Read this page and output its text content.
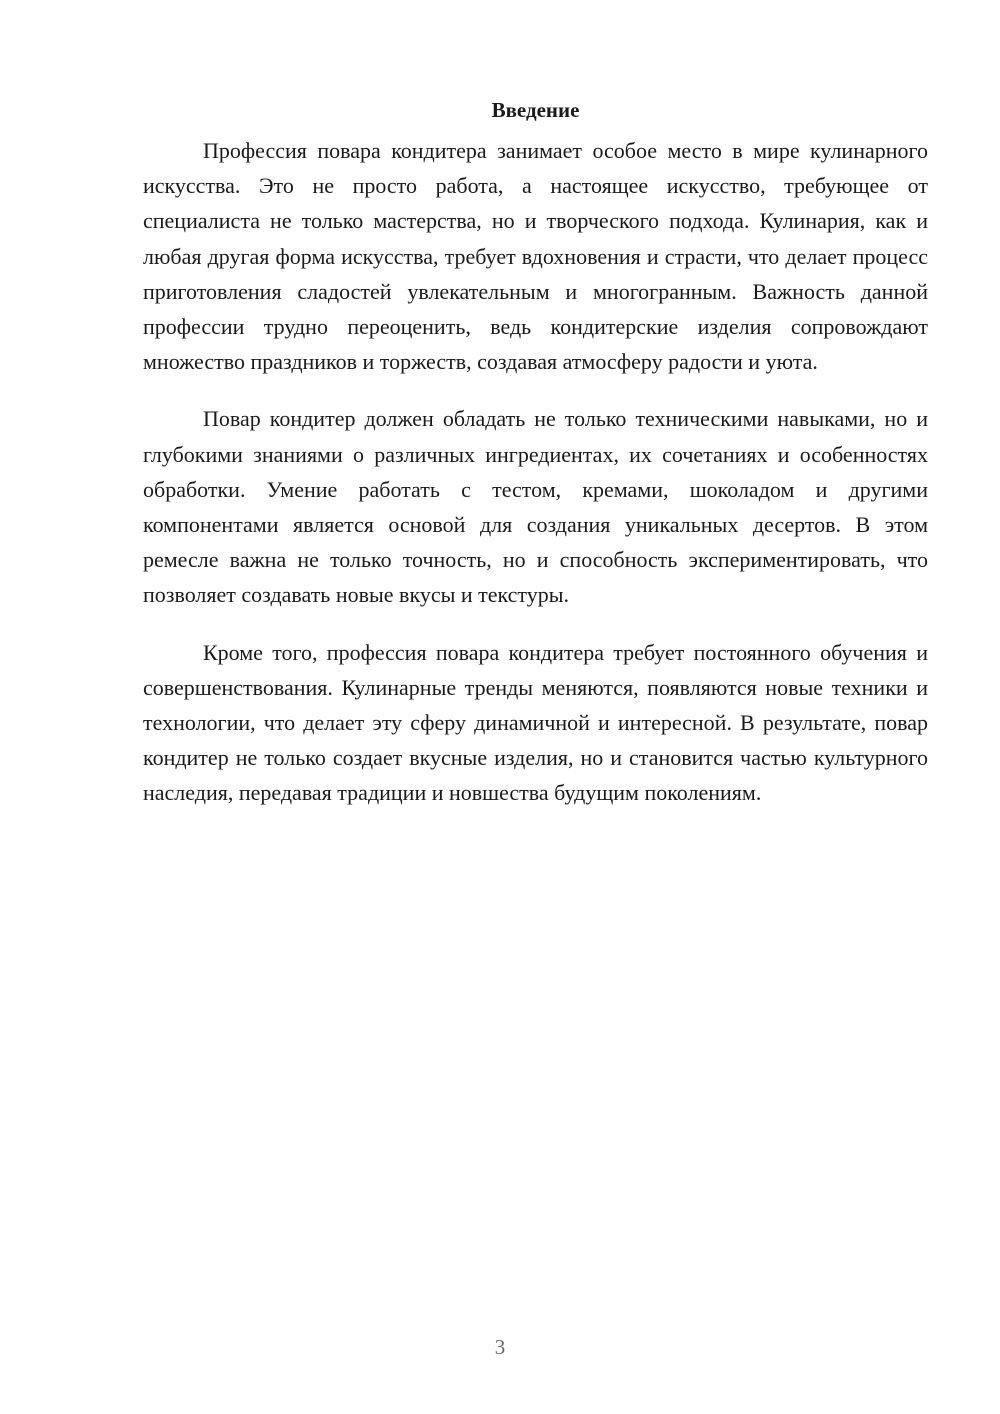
Введение

Профессия повара кондитера занимает особое место в мире кулинарного искусства. Это не просто работа, а настоящее искусство, требующее от специалиста не только мастерства, но и творческого подхода. Кулинария, как и любая другая форма искусства, требует вдохновения и страсти, что делает процесс приготовления сладостей увлекательным и многогранным. Важность данной профессии трудно переоценить, ведь кондитерские изделия сопровождают множество праздников и торжеств, создавая атмосферу радости и уюта.

Повар кондитер должен обладать не только техническими навыками, но и глубокими знаниями о различных ингредиентах, их сочетаниях и особенностях обработки. Умение работать с тестом, кремами, шоколадом и другими компонентами является основой для создания уникальных десертов. В этом ремесле важна не только точность, но и способность экспериментировать, что позволяет создавать новые вкусы и текстуры.

Кроме того, профессия повара кондитера требует постоянного обучения и совершенствования. Кулинарные тренды меняются, появляются новые техники и технологии, что делает эту сферу динамичной и интересной. В результате, повар кондитер не только создает вкусные изделия, но и становится частью культурного наследия, передавая традиции и новшества будущим поколениям.

3
